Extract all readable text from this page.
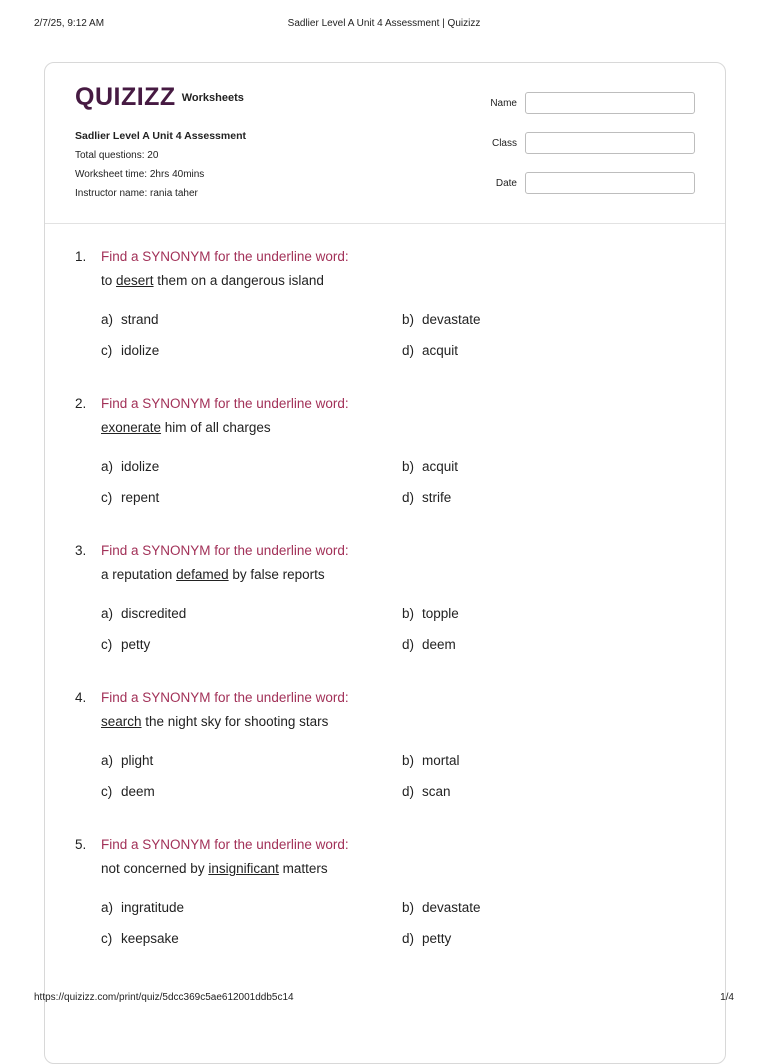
2/7/25, 9:12 AM	Sadlier Level A Unit 4 Assessment | Quizizz
QUIZIZZ Worksheets
Sadlier Level A Unit 4 Assessment
Total questions: 20
Worksheet time: 2hrs 40mins
Instructor name: rania taher
Name
Class
Date
1. Find a SYNONYM for the underline word:
to desert them on a dangerous island
a) strand	b) devastate
c) idolize	d) acquit
2. Find a SYNONYM for the underline word:
exonerate him of all charges
a) idolize	b) acquit
c) repent	d) strife
3. Find a SYNONYM for the underline word:
a reputation defamed by false reports
a) discredited	b) topple
c) petty	d) deem
4. Find a SYNONYM for the underline word:
search the night sky for shooting stars
a) plight	b) mortal
c) deem	d) scan
5. Find a SYNONYM for the underline word:
not concerned by insignificant matters
a) ingratitude	b) devastate
c) keepsake	d) petty
https://quizizz.com/print/quiz/5dcc369c5ae612001ddb5c14	1/4
